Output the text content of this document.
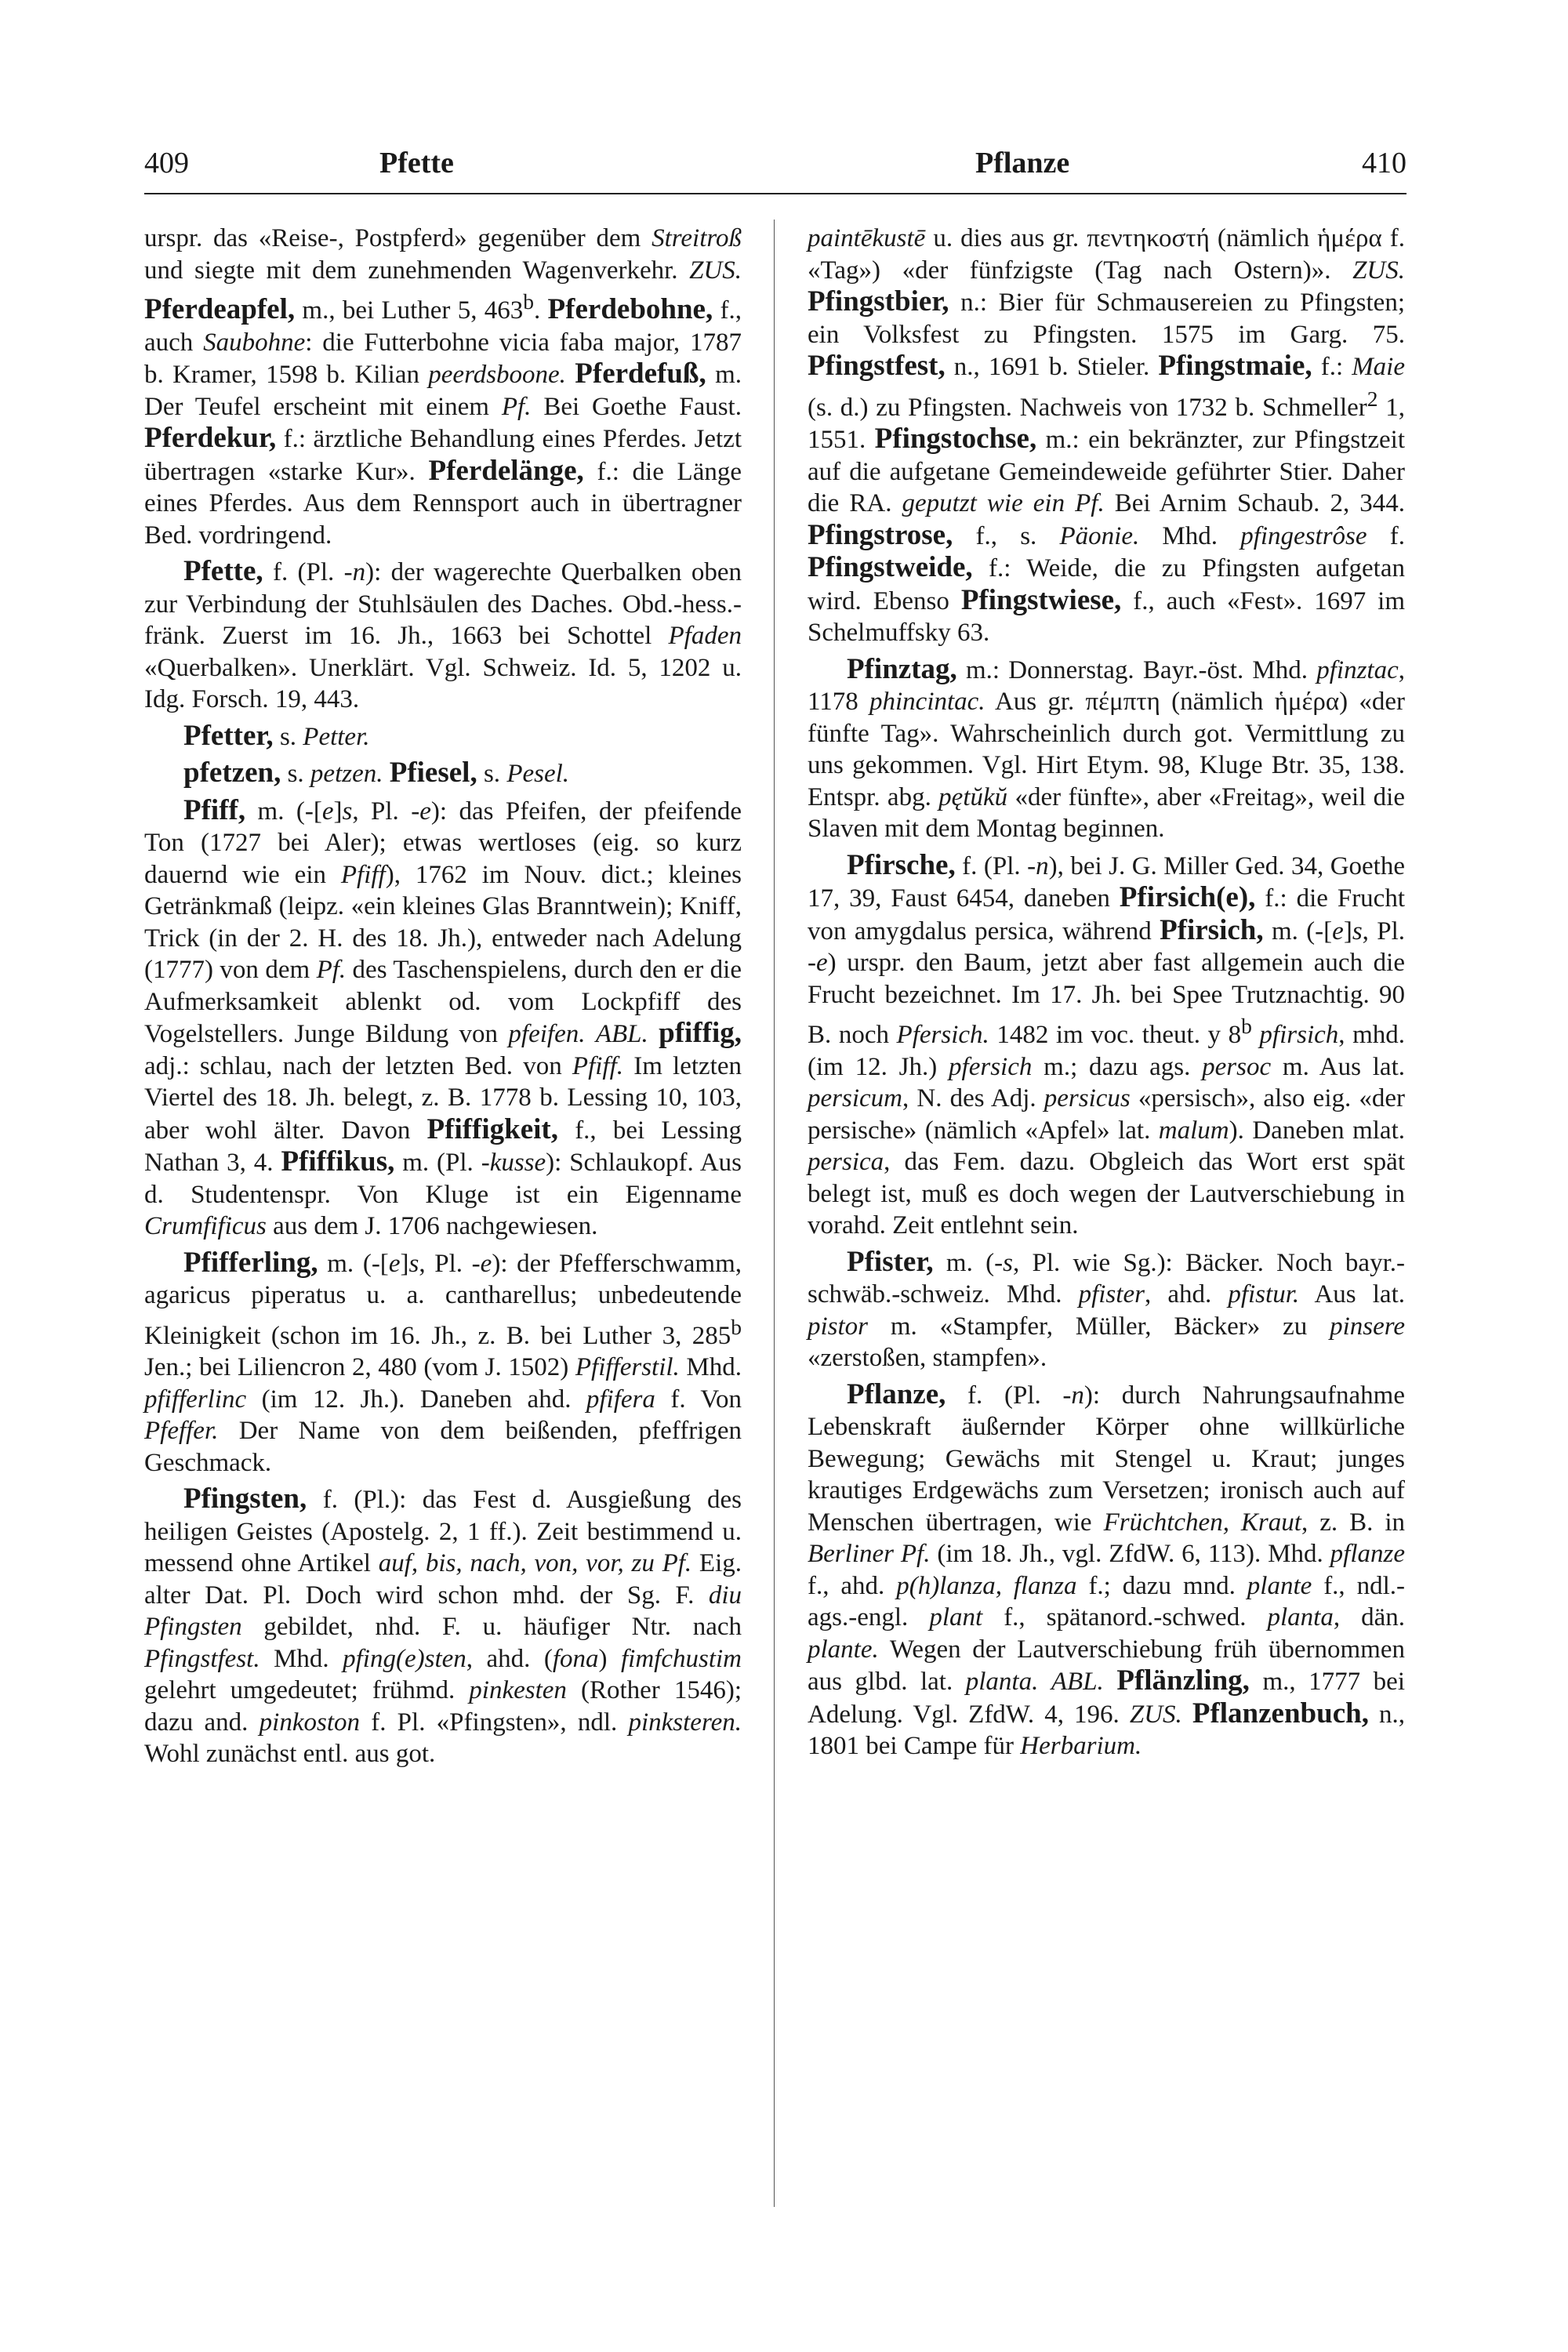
409	Pfette	Pflanze	410

urspr. das «Reise-, Postpferd» gegenüber dem Streitroß und siegte mit dem zunehmenden Wagenverkehr. ZUS. Pferdeapfel, m., bei Luther 5, 463$^b$. Pferdebohne, f., auch Saubohne: die Futterbohne vicia faba major, 1787 b. Kramer, 1598 b. Kilian peerdsboone. Pferdefuß, m. Der Teufel erscheint mit einem Pf. Bei Goethe Faust. Pferdekur, f.: ärztliche Behandlung eines Pferdes. Jetzt übertragen «starke Kur». Pferdelänge, f.: die Länge eines Pferdes. Aus dem Rennsport auch in übertragner Bed. vordringend.

Pfette, f. (Pl. -n): der wagerechte Querbalken oben zur Verbindung der Stuhlsäulen des Daches. Obd.-hess.-fränk. Zuerst im 16. Jh., 1663 bei Schottel Pfaden «Querbalken». Unerklärt. Vgl. Schweiz. Id. 5, 1202 u. Idg. Forsch. 19, 443.

Pfetter, s. Petter.

pfetzen, s. petzen. Pfiesel, s. Pesel.

Pfiff, m. (-[e]s, Pl. -e): das Pfeifen, der pfeifende Ton (1727 bei Aler); etwas wertloses (eig. so kurz dauernd wie ein Pfiff), 1762 im Nouv. dict.; kleines Getränkmaß (leipz. «ein kleines Glas Branntwein); Kniff, Trick (in der 2. H. des 18. Jh.), entweder nach Adelung (1777) von dem Pf. des Taschenspielens, durch den er die Aufmerksamkeit ablenkt od. vom Lockpfiff des Vogelstellers. Junge Bildung von pfeifen. ABL. pfiffig, adj.: schlau, nach der letzten Bed. von Pfiff. Im letzten Viertel des 18. Jh. belegt, z. B. 1778 b. Lessing 10, 103, aber wohl älter. Davon Pfiffigkeit, f., bei Lessing Nathan 3, 4. Pfiffikus, m. (Pl. -kusse): Schlaukopf. Aus d. Studentenspr. Von Kluge ist ein Eigenname Crumfificus aus dem J. 1706 nachgewiesen.

Pfifferling, m. (-[e]s, Pl. -e): der Pfefferschwamm, agaricus piperatus u. a. cantharellus; unbedeutende Kleinigkeit (schon im 16. Jh., z. B. bei Luther 3, 285$^b$ Jen.; bei Liliencron 2, 480 (vom J. 1502) Pfifferstil. Mhd. pfifferlinc (im 12. Jh.). Daneben ahd. pfifera f. Von Pfeffer. Der Name von dem beißenden, pfeffrigen Geschmack.

Pfingsten, f. (Pl.): das Fest d. Ausgießung des heiligen Geistes (Apostelg. 2, 1 ff.). Zeit bestimmend u. messend ohne Artikel auf, bis, nach, von, vor, zu Pf. Eig. alter Dat. Pl. Doch wird schon mhd. der Sg. F. diu Pfingsten gebildet, nhd. F. u. häufiger Ntr. nach Pfingstfest. Mhd. pfing(e)sten, ahd. (fona) fimfchustim gelehrt umgedeutet; frühmd. pinkesten (Rother 1546); dazu and. pinkoston f. Pl. «Pfingsten», ndl. pinksteren. Wohl zunächst entl. aus got.

paintēkustē u. dies aus gr. πεντηκοστή (nämlich ἡμέρα f. «Tag») «der fünfzigste (Tag nach Ostern)». ZUS. Pfingstbier, n.: Bier für Schmausereien zu Pfingsten; ein Volksfest zu Pfingsten. 1575 im Garg. 75. Pfingstfest, n., 1691 b. Stieler. Pfingstmaie, f.: Maie (s. d.) zu Pfingsten. Nachweis von 1732 b. Schmeller$^2$ 1, 1551. Pfingstochse, m.: ein bekränzter, zur Pfingstzeit auf die aufgetane Gemeindeweide geführter Stier. Daher die RA. geputzt wie ein Pf. Bei Arnim Schaub. 2, 344. Pfingstrose, f., s. Päonie. Mhd. pfingestrôse f. Pfingstweide, f.: Weide, die zu Pfingsten aufgetan wird. Ebenso Pfingstwiese, f., auch «Fest». 1697 im Schelmuffsky 63.

Pfinztag, m.: Donnerstag. Bayr.-öst. Mhd. pfinztac, 1178 phincintac. Aus gr. πέμπτη (nämlich ἡμέρα) «der fünfte Tag». Wahrscheinlich durch got. Vermittlung zu uns gekommen. Vgl. Hirt Etym. 98, Kluge Btr. 35, 138. Entspr. abg. pętŭkŭ «der fünfte», aber «Freitag», weil die Slaven mit dem Montag beginnen.

Pfirsche, f. (Pl. -n), bei J. G. Miller Ged. 34, Goethe 17, 39, Faust 6454, daneben Pfirsich(e), f.: die Frucht von amygdalus persica, während Pfirsich, m. (-[e]s, Pl. -e) urspr. den Baum, jetzt aber fast allgemein auch die Frucht bezeichnet. Im 17. Jh. bei Spee Trutznachtig. 90 B. noch Pfersich. 1482 im voc. theut. y 8$^b$ pfirsich, mhd. (im 12. Jh.) pfersich m.; dazu ags. persoc m. Aus lat. persicum, N. des Adj. persicus «persisch», also eig. «der persische» (nämlich «Apfel» lat. malum). Daneben mlat. persica, das Fem. dazu. Obgleich das Wort erst spät belegt ist, muß es doch wegen der Lautverschiebung in vorahd. Zeit entlehnt sein.

Pfister, m. (-s, Pl. wie Sg.): Bäcker. Noch bayr.-schwäb.-schweiz. Mhd. pfister, ahd. pfistur. Aus lat. pistor m. «Stampfer, Müller, Bäcker» zu pinsere «zerstoßen, stampfen».

Pflanze, f. (Pl. -n): durch Nahrungsaufnahme Lebenskraft äußernder Körper ohne willkürliche Bewegung; Gewächs mit Stengel u. Kraut; junges krautiges Erdgewächs zum Versetzen; ironisch auch auf Menschen übertragen, wie Früchtchen, Kraut, z. B. in Berliner Pf. (im 18. Jh., vgl. ZfdW. 6, 113). Mhd. pflanze f., ahd. p(h)lanza, flanza f.; dazu mnd. plante f., ndl.-ags.-engl. plant f., spätanord.-schwed. planta, dän. plante. Wegen der Lautverschiebung früh übernommen aus glbd. lat. planta. ABL. Pflänzling, m., 1777 bei Adelung. Vgl. ZfdW. 4, 196. ZUS. Pflanzenbuch, n., 1801 bei Campe für Herbarium.
